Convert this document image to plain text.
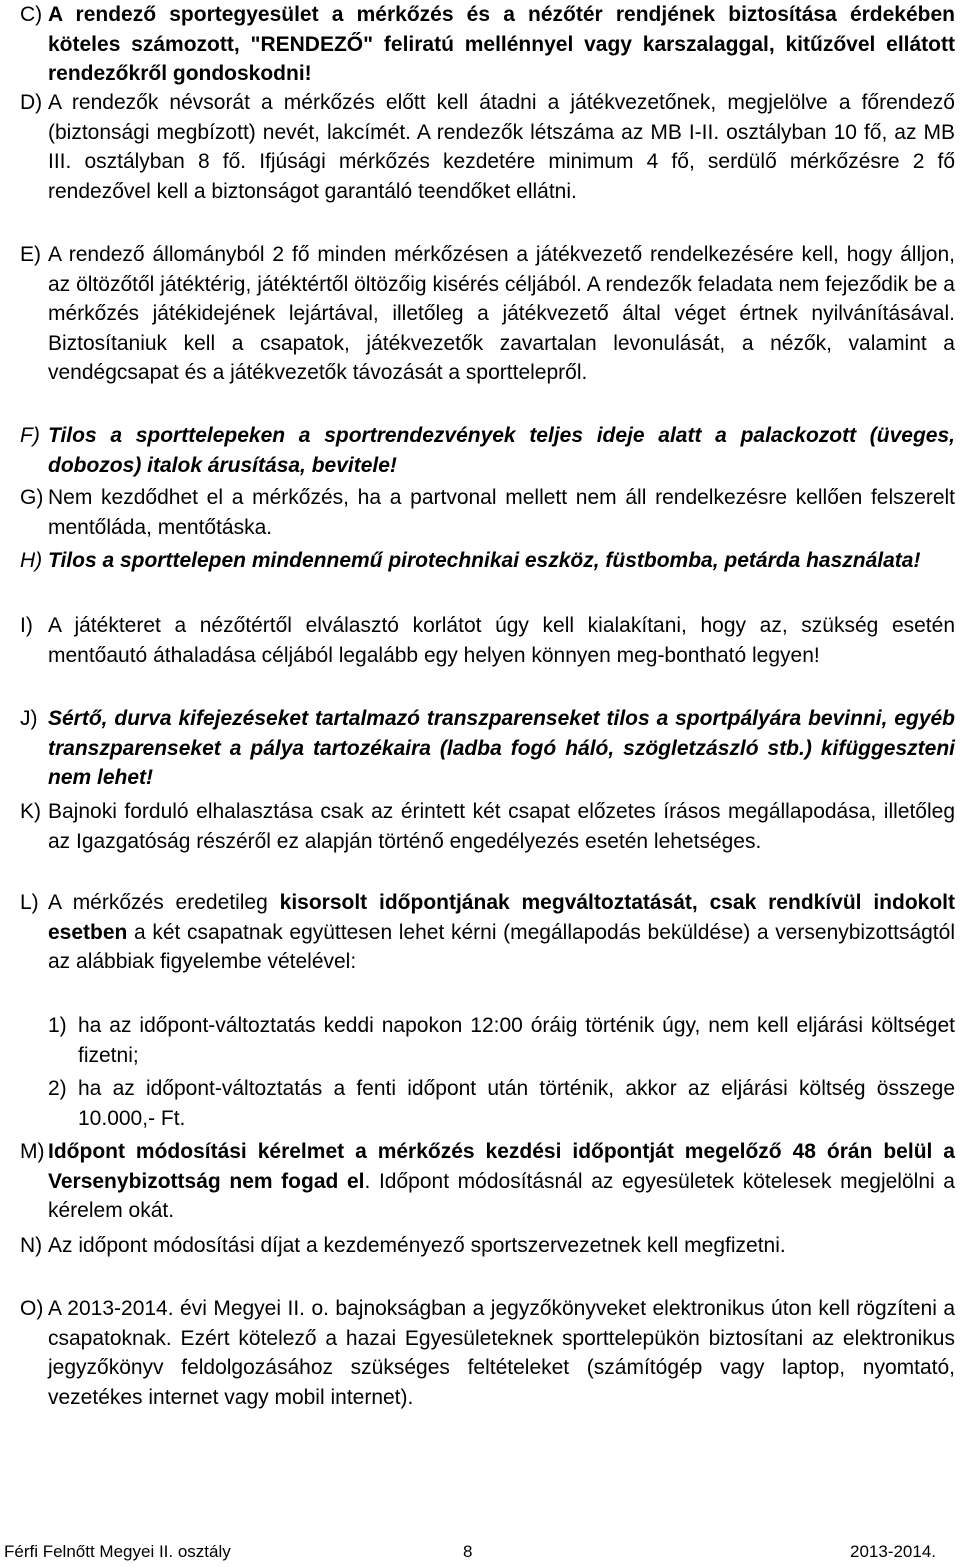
C) A rendező sportegyesület a mérkőzés és a nézőtér rendjének biztosítása érdekében köteles számozott, "RENDEZŐ" feliratú mellénnyel vagy karszalaggal, kitűzővel ellátott rendezőkről gondoskodni!
D) A rendezők névsorát a mérkőzés előtt kell átadni a játékvezetőnek, megjelölve a főrendező (biztonsági megbízott) nevét, lakcímét. A rendezők létszáma az MB I-II. osztályban 10 fő, az MB III. osztályban 8 fő. Ifjúsági mérkőzés kezdetére minimum 4 fő, serdülő mérkőzésre 2 fő rendezővel kell a biztonságot garantáló teendőket ellátni.
E) A rendező állományból 2 fő minden mérkőzésen a játékvezető rendelkezésére kell, hogy álljon, az öltözőtől játéktérig, játéktértől öltözőig kisérés céljából. A rendezők feladata nem fejeződik be a mérkőzés játékidejének lejártával, illetőleg a játékvezető által véget értnek nyilvánításával. Biztosítaniuk kell a csapatok, játékvezetők zavartalan levonulását, a nézők, valamint a vendégcsapat és a játékvezetők távozását a sporttelepről.
F) Tilos a sporttelepeken a sportrendezvények teljes ideje alatt a palackozott (üveges, dobozos) italok árusítása, bevitele!
G) Nem kezdődhet el a mérkőzés, ha a partvonal mellett nem áll rendelkezésre kellően felszerelt mentőláda, mentőtáska.
H) Tilos a sporttelepen mindennemű pirotechnikai eszköz, füstbomba, petárda használata!
I) A játékteret a nézőtértől elválasztó korlátot úgy kell kialakítani, hogy az, szükség esetén mentőautó áthaladása céljából legalább egy helyen könnyen meg-bontható legyen!
J) Sértő, durva kifejezéseket tartalmazó transzparenseket tilos a sportpályára bevinni, egyéb transzparenseket a pálya tartozékaira (ladba fogó háló, szögletzászló stb.) kifüggeszteni nem lehet!
K) Bajnoki forduló elhalasztása csak az érintett két csapat előzetes írásos megállapodása, illetőleg az Igazgatóság részéről ez alapján történő engedélyezés esetén lehetséges.
L) A mérkőzés eredetileg kisorsolt időpontjának megváltoztatását, csak rendkívül indokolt esetben a két csapatnak együttesen lehet kérni (megállapodás beküldése) a versenybizottságtól az alábbiak figyelembe vételével:
1) ha az időpont-változtatás keddi napokon 12:00 óráig történik úgy, nem kell eljárási költséget fizetni;
2) ha az időpont-változtatás a fenti időpont után történik, akkor az eljárási költség összege 10.000,- Ft.
M) Időpont módosítási kérelmet a mérkőzés kezdési időpontját megelőző 48 órán belül a Versenybizottság nem fogad el. Időpont módosításnál az egyesületek kötelesek megjelölni a kérelem okát.
N) Az időpont módosítási díjat a kezdeményező sportszervezetnek kell megfizetni.
O) A 2013-2014. évi Megyei II. o. bajnokságban a jegyzőkönyveket elektronikus úton kell rögzíteni a csapatoknak. Ezért kötelező a hazai Egyesületeknek sporttelepükön biztosítani az elektronikus jegyzőkönyv feldolgozásához szükséges feltételeket (számítógép vagy laptop, nyomtató, vezetékes internet vagy mobil internet).
Férfi Felnőtt Megyei II. osztály	8	2013-2014.
